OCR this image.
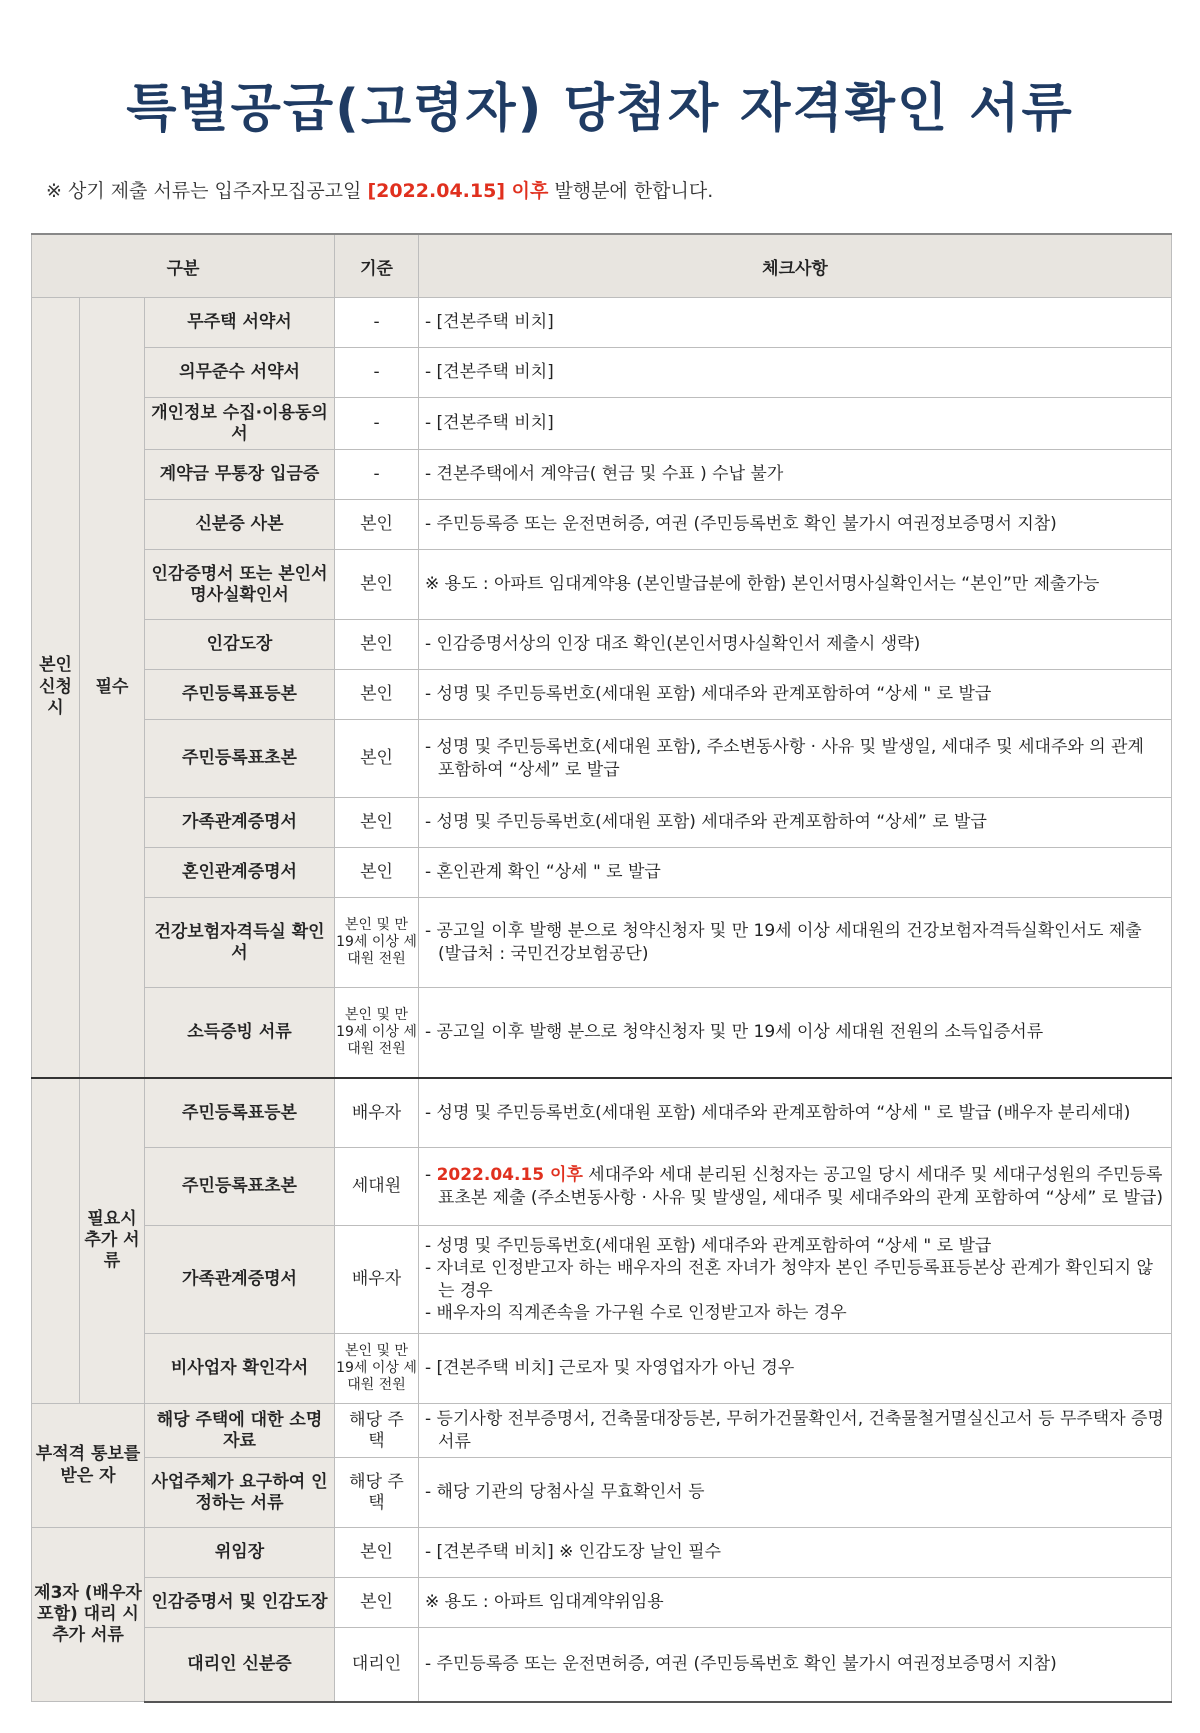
특별공급(고령자) 당첨자 자격확인 서류
※ 상기 제출 서류는 입주자모집공고일 [2022.04.15] 이후 발행분에 한합니다.
구분			기준	체크사항
본인 신청 시	필수	무주택 서약서	-	- [견본주택 비치]

		의무준수 서약서	-	- [견본주택 비치]

		개인정보 수집·이용동의서	-	- [견본주택 비치]

		계약금 무통장 입금증	-	- 견본주택에서 계약금( 현금 및 수표 ) 수납 불가

		신분증 사본	본인	- 주민등록증 또는 운전면허증, 여권 (주민등록번호 확인 불가시 여권정보증명서 지참)

		인감증명서 또는 본인서명사실확인서	본인	※ 용도 : 아파트 임대계약용 (본인발급분에 한함) 본인서명사실확인서는 “본인”만 제출가능

		인감도장	본인	- 인감증명서상의 인장 대조 확인(본인서명사실확인서 제출시 생략)

		주민등록표등본	본인	- 성명 및 주민등록번호(세대원 포함) 세대주와 관계포함하여 “상세 " 로 발급

		주민등록표초본	본인	- 성명 및 주민등록번호(세대원 포함), 주소변동사항 · 사유 및 발생일, 세대주 및 세대주와 의 관계 포함하여 “상세” 로 발급

		가족관계증명서	본인	- 성명 및 주민등록번호(세대원 포함) 세대주와 관계포함하여 “상세” 로 발급

		혼인관계증명서	본인	- 혼인관계 확인 “상세 " 로 발급

		건강보험자격득실 확인서	본인 및 만 19세 이상 세대원 전원	- 공고일 이후 발행 분으로 청약신청자 및 만 19세 이상 세대원의 건강보험자격득실확인서도 제출 (발급처 : 국민건강보험공단)

		소득증빙 서류	본인 및 만 19세 이상 세대원 전원	- 공고일 이후 발행 분으로 청약신청자 및 만 19세 이상 세대원 전원의 소득입증서류

	필요시 추가 서류	주민등록표등본	배우자	- 성명 및 주민등록번호(세대원 포함) 세대주와 관계포함하여 “상세 " 로 발급 (배우자 분리세대)

		주민등록표초본	세대원	- 2022.04.15 이후 세대주와 세대 분리된 신청자는 공고일 당시 세대주 및 세대구성원의 주민등록표초본 제출 (주소변동사항 · 사유 및 발생일, 세대주 및 세대주와의 관계 포함하여 “상세” 로 발급)

		가족관계증명서	배우자	- 성명 및 주민등록번호(세대원 포함) 세대주와 관계포함하여 “상세 " 로 발급
- 자녀로 인정받고자 하는 배우자의 전혼 자녀가 청약자 본인 주민등록표등본상 관계가 확인되지 않는 경우
- 배우자의 직계존속을 가구원 수로 인정받고자 하는 경우

		비사업자 확인각서	본인 및 만 19세 이상 세대원 전원	- [견본주택 비치] 근로자 및 자영업자가 아닌 경우

부적격 통보를 받은 자		해당 주택에 대한 소명자료	해당 주택	- 등기사항 전부증명서, 건축물대장등본, 무허가건물확인서, 건축물철거멸실신고서 등 무주택자 증명서류

		사업주체가 요구하여 인정하는 서류	해당 주택	- 해당 기관의 당첨사실 무효확인서 등

제3자 (배우자 포함) 대리 시 추가 서류		위임장	본인	- [견본주택 비치] ※ 인감도장 날인 필수

		인감증명서 및 인감도장	본인	※ 용도 : 아파트 임대계약위임용

		대리인 신분증	대리인	- 주민등록증 또는 운전면허증, 여권 (주민등록번호 확인 불가시 여권정보증명서 지참)
